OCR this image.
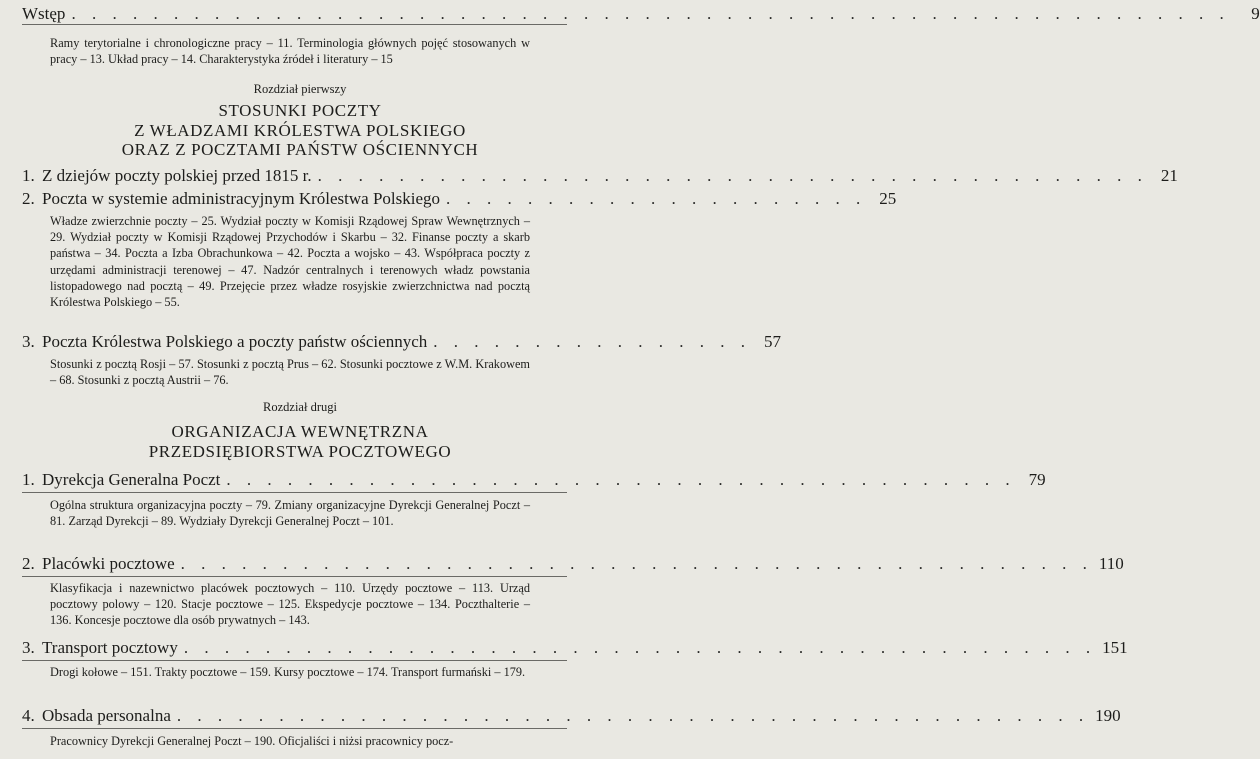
Wstęp . . . . . . . . . . . . . . . . . . . . . . . . . . . . . . . . . . . . . . . . . . . . . . . . . . . . . . . . .	9
Ramy terytorialne i chronologiczne pracy – 11. Terminologia głównych pojęć stosowanych w pracy – 13. Układ pracy – 14. Charakterystyka źródeł i literatury – 15
Rozdział pierwszy
STOSUNKI POCZTY
Z WŁADZAMI KRÓLESTWA POLSKIEGO
ORAZ Z POCZTAMI PAŃSTW OŚCIENNYCH
1. Z dziejów poczty polskiej przed 1815 r. . . . . . . . . . . . . . . . . . . . . . . . . . . . . . . . . . . . . . . . . . 21
2. Poczta w systemie administracyjnym Królestwa Polskiego . . . . . . . . . . . . . . . . . . . . . 25
Władze zwierzchnie poczty – 25. Wydział poczty w Komisji Rządowej Spraw Wewnętrznych – 29. Wydział poczty w Komisji Rządowej Przychodów i Skarbu – 32. Finanse poczty a skarb państwa – 34. Poczta a Izba Obrachunkowa – 42. Poczta a wojsko – 43. Współpraca poczty z urzędami administracji terenowej – 47. Nadzór centralnych i terenowych władz powstania listopadowego nad pocztą – 49. Przejęcie przez władze rosyjskie zwierzchnictwa nad pocztą Królestwa Polskiego – 55.
3. Poczta Królestwa Polskiego a poczty państw ościennych . . . . . . . . . . . . . . . . 57
Stosunki z pocztą Rosji – 57. Stosunki z pocztą Prus – 62. Stosunki pocztowe z W.M. Krakowem – 68. Stosunki z pocztą Austrii – 76.
Rozdział drugi
ORGANIZACJA WEWNĘTRZNA
PRZEDSIĘBIORSTWA POCZTOWEGO
1. Dyrekcja Generalna Poczt . . . . . . . . . . . . . . . . . . . . . . . . . . . . . . . . . . . . . . . 79
Ogólna struktura organizacyjna poczty – 79. Zmiany organizacyjne Dyrekcji Generalnej Poczt – 81. Zarząd Dyrekcji – 89. Wydziały Dyrekcji Generalnej Poczt – 101.
2. Placówki pocztowe . . . . . . . . . . . . . . . . . . . . . . . . . . . . . . . . . . . . . . . . . . . . . 110
Klasyfikacja i nazewnictwo placówek pocztowych – 110. Urzędy pocztowe – 113. Urząd pocztowy polowy – 120. Stacje pocztowe – 125. Ekspedycje pocztowe – 134. Poczthalterie – 136. Koncesje pocztowe dla osób prywatnych – 143.
3. Transport pocztowy . . . . . . . . . . . . . . . . . . . . . . . . . . . . . . . . . . . . . . . . . . . . . 151
Drogi kołowe – 151. Trakty pocztowe – 159. Kursy pocztowe – 174. Transport furmański – 179.
4. Obsada personalna . . . . . . . . . . . . . . . . . . . . . . . . . . . . . . . . . . . . . . . . . . . . . 190
Pracownicy Dyrekcji Generalnej Poczt – 190. Oficjaliści i niżsi pracownicy pocz-
